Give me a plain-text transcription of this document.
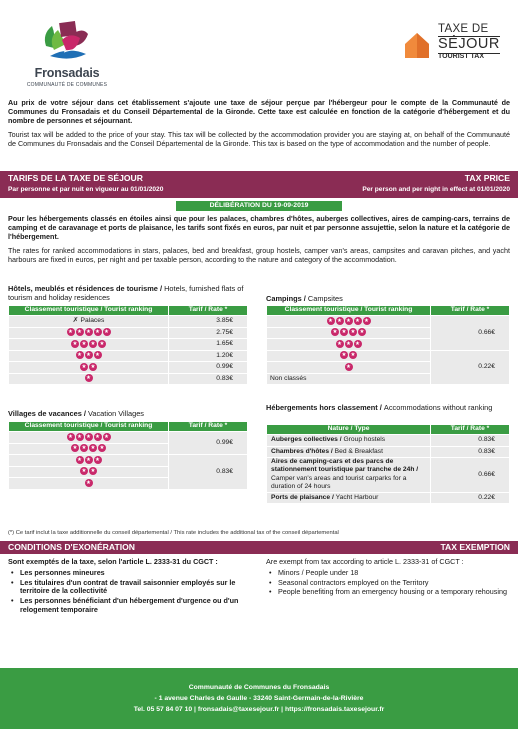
Fronsadais
COMMUNAUTÉ DE COMMUNES
TAXE DE
SÉJOUR
TOURIST TAX

Au prix de votre séjour dans cet établissement s'ajoute une taxe de séjour perçue par l'hébergeur pour le compte de la Communauté de Communes du Fronsadais et du Conseil Départemental de la Gironde. Cette taxe est calculée en fonction de la catégorie d'hébergement et du nombre de personnes et séjournant.

Tourist tax will be added to the price of your stay. This tax will be collected by the accommodation provider you are staying at, on behalf of the Communauté de Communes du Fronsadais and the Conseil Départemental de la Gironde. This tax is based on the type of accommodation and the number of people.

TARIFS DE LA TAXE DE SÉJOUR	TAX PRICE
Par personne et par nuit en vigueur au 01/01/2020	Per person and per night in effect at 01/01/2020
DÉLIBÉRATION DU 19-09-2019

Pour les hébergements classés en étoiles ainsi que pour les palaces, chambres d'hôtes, auberges collectives, aires de camping-cars, terrains de camping et de caravanage et ports de plaisance, les tarifs sont fixés en euros, par nuit et par personne assujettie, selon la nature et la catégorie de l'hébergement.

The rates for ranked accommodations in stars, palaces, bed and breakfast, group hostels, camper van's areas, campsites and caravan pitches, and yacht harbours are fixed in euros, per night and per taxable person, according to the nature and category of the accommodation.

Hôtels, meublés et résidences de tourisme / Hotels, furnished flats of tourism and holiday residences
Classement touristique / Tourist ranking	Tarif / Rate *
✗ Palaces	3.85€
★ ★ ★ ★ ★	2.75€
★ ★ ★ ★	1.65€
★ ★ ★	1.20€
★ ★	0.99€
★	0.83€
Villages de vacances / Vacation Villages
Classement touristique / Tourist ranking	Tarif / Rate *
★ ★ ★ ★ ★	0.99€
★ ★ ★ ★	
★ ★ ★	0.83€
★ ★	
★	
Campings / Campsites
Classement touristique / Tourist ranking	Tarif / Rate *
★ ★ ★ ★ ★	0.66€
★ ★ ★ ★	
★ ★ ★	
★ ★	0.22€
★	
Non classés	
Hébergements hors classement / Accommodations without ranking
Nature / Type	Tarif / Rate *
Auberges collectives / Group hostels	0.83€
Chambres d'hôtes / Bed & Breakfast	0.83€
Aires de camping-cars et des parcs de stationnement touristique par tranche de 24h / Camper van's areas and tourist carparks for a duration of 24 hours	0.66€
Ports de plaisance / Yacht Harbour	0.22€
(*) Ce tarif inclut la taxe additionnelle du conseil départemental / This rate includes the additional tax of the conseil départemental
CONDITIONS D'EXONÉRATION	TAX EXEMPTION
Sont exemptés de la taxe, selon l'article L. 2333-31 du CGCT :
• Les personnes mineures
• Les titulaires d'un contrat de travail saisonnier employés sur le territoire de la collectivité
• Les personnes bénéficiant d'un hébergement d'urgence ou d'un relogement temporaire
Are exempt from tax according to article L. 2333-31 of CGCT :
• Minors / People under 18
• Seasonal contractors employed on the Territory
• People benefiting from an emergency housing or a temporary rehousing
Communauté de Communes du Fronsadais
- 1 avenue Charles de Gaulle - 33240 Saint-Germain-de-la-Rivière
Tel. 05 57 84 07 10 | fronsadais@taxesejour.fr | https://fronsadais.taxesejour.fr
